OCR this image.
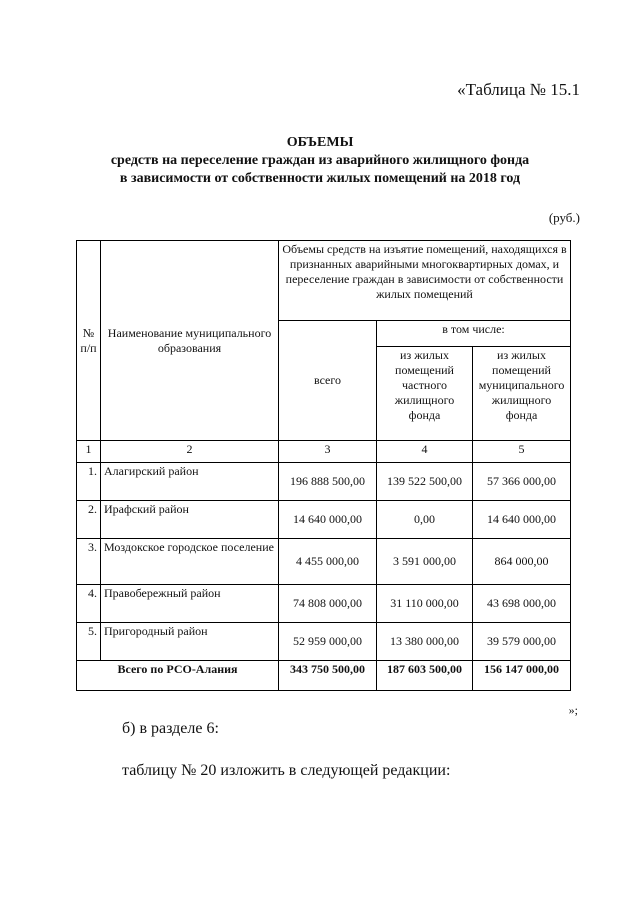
«Таблица № 15.1
ОБЪЕМЫ
средств на переселение граждан из аварийного жилищного фонда
в зависимости от собственности жилых помещений на 2018 год
(руб.)
№ п/п	Наименование муниципального образования	Объемы средств на изъятие помещений, находящихся в признанных аварийными многоквартирных домах, и переселение граждан в зависимости от собственности жилых помещений		
		всего	в том числе:	
			из жилых помещений частного жилищного фонда	из жилых помещений муниципального жилищного фонда
1	2	3	4	5
1.	Алагирский район	196 888 500,00	139 522 500,00	57 366 000,00
2.	Ирафский район	14 640 000,00	0,00	14 640 000,00
3.	Моздокское городское поселение	4 455 000,00	3 591 000,00	864 000,00
4.	Правобережный район	74 808 000,00	31 110 000,00	43 698 000,00
5.	Пригородный район	52 959 000,00	13 380 000,00	39 579 000,00
Всего по РСО-Алания		343 750 500,00	187 603 500,00	156 147 000,00
»;
б) в разделе 6:
таблицу № 20 изложить в следующей редакции:
